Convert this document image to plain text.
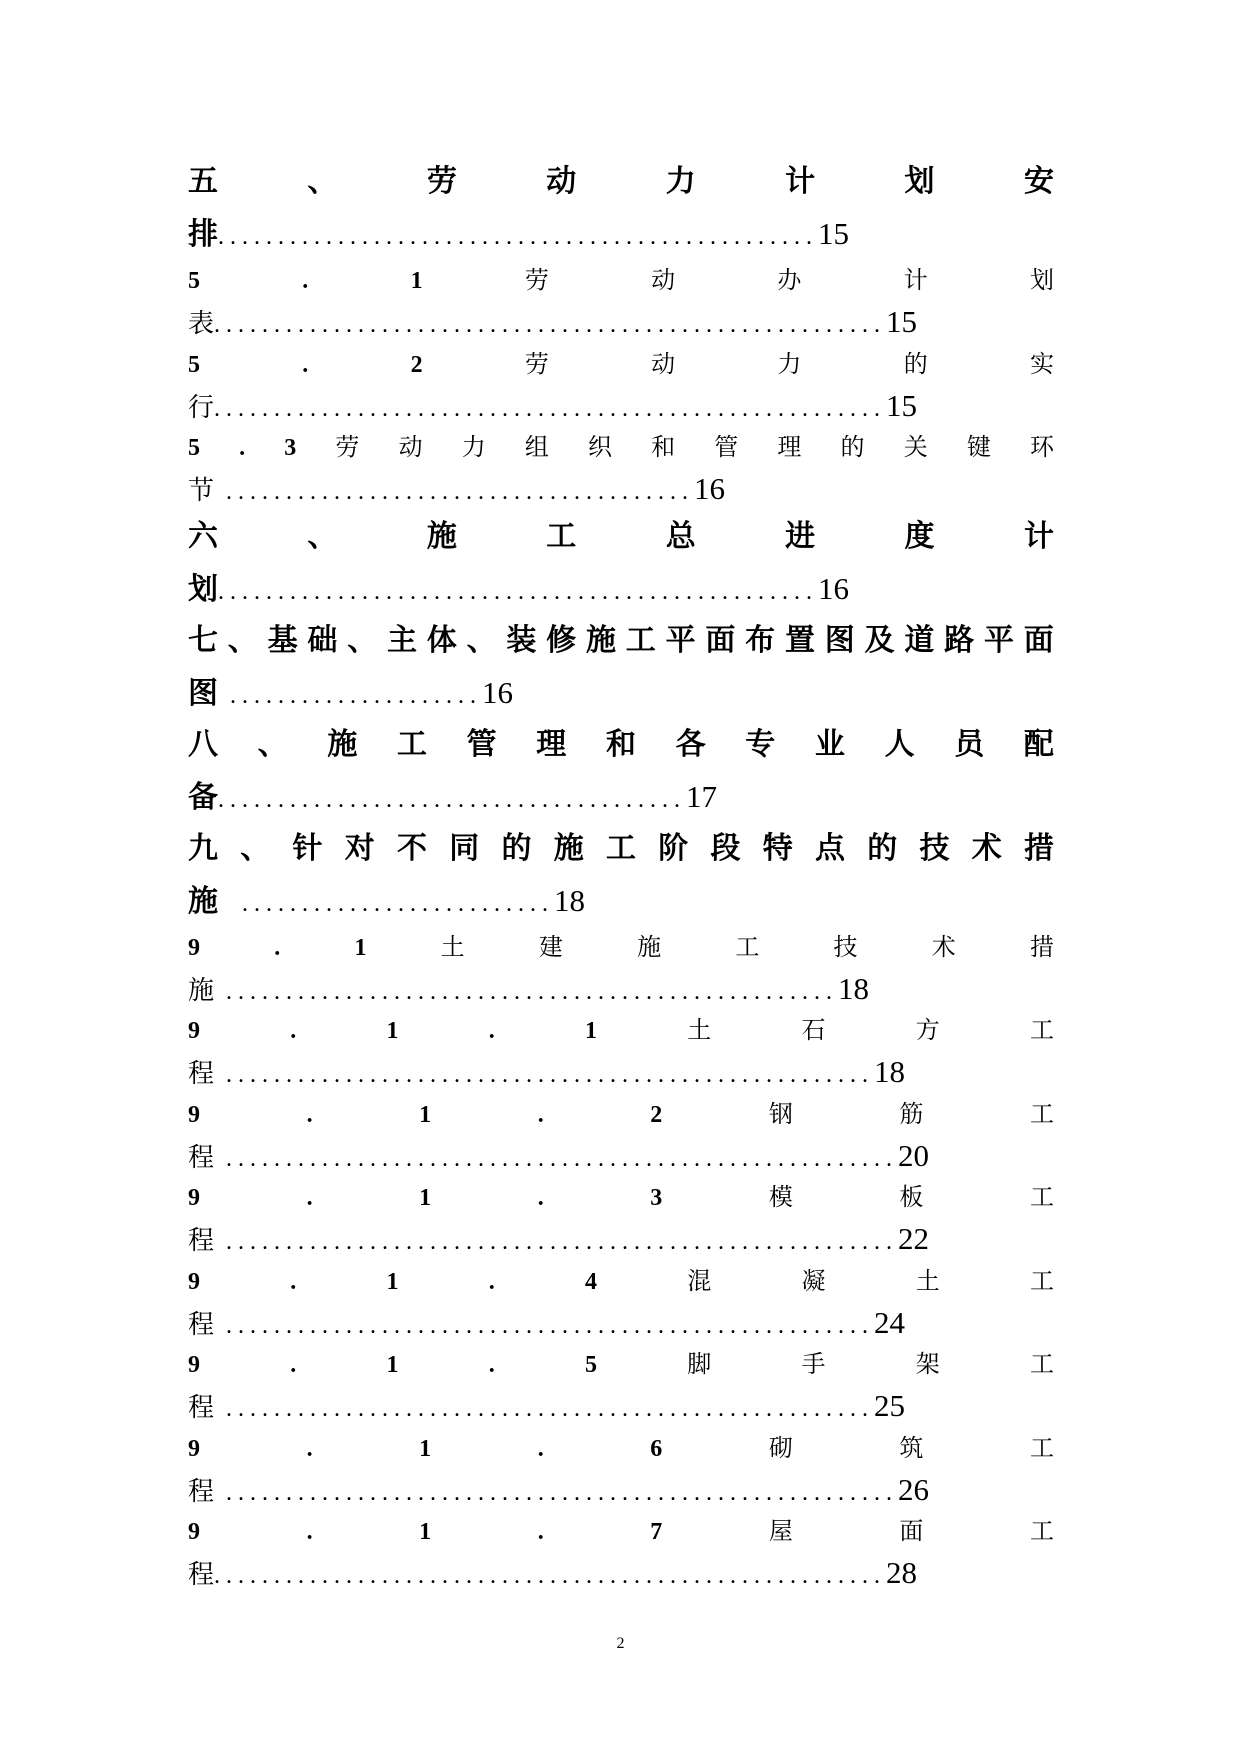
五	、	劳	动	力	计	划	安
排..................................................15
5	.	1	劳	动	办	计	划
表........................................................15
5	.	2	劳	动	力	的	实
行........................................................15
5 . 3 劳 动 力 组 织 和 管 理 的 关 键 环
节 .......................................16
六	、	施	工	总	进	度	计
划..................................................16
七 、 基 础 、 主 体 、 装 修 施 工 平 面 布 置 图 及 道 路 平 面
图 .....................16
八 、 施 工 管 理 和 各 专 业 人 员 配
备.......................................17
九 、 针 对 不 同 的 施 工 阶 段 特 点 的 技 术 措
施  ..........................18
9	.	1	土	建	施	工	技	术	措
施 ...................................................18
9	.	1	.	1	土	石	方	工
程 ......................................................18
9	.	1	.	2	钢	筋	工
程 ........................................................20
9	.	1	.	3	模	板	工
程 ........................................................22
9	.	1	.	4	混	凝	土	工
程 ......................................................24
9	.	1	.	5	脚	手	架	工
程 ......................................................25
9	.	1	.	6	砌	筑	工
程 ........................................................26
9	.	1	.	7	屋	面	工
程........................................................28
2
